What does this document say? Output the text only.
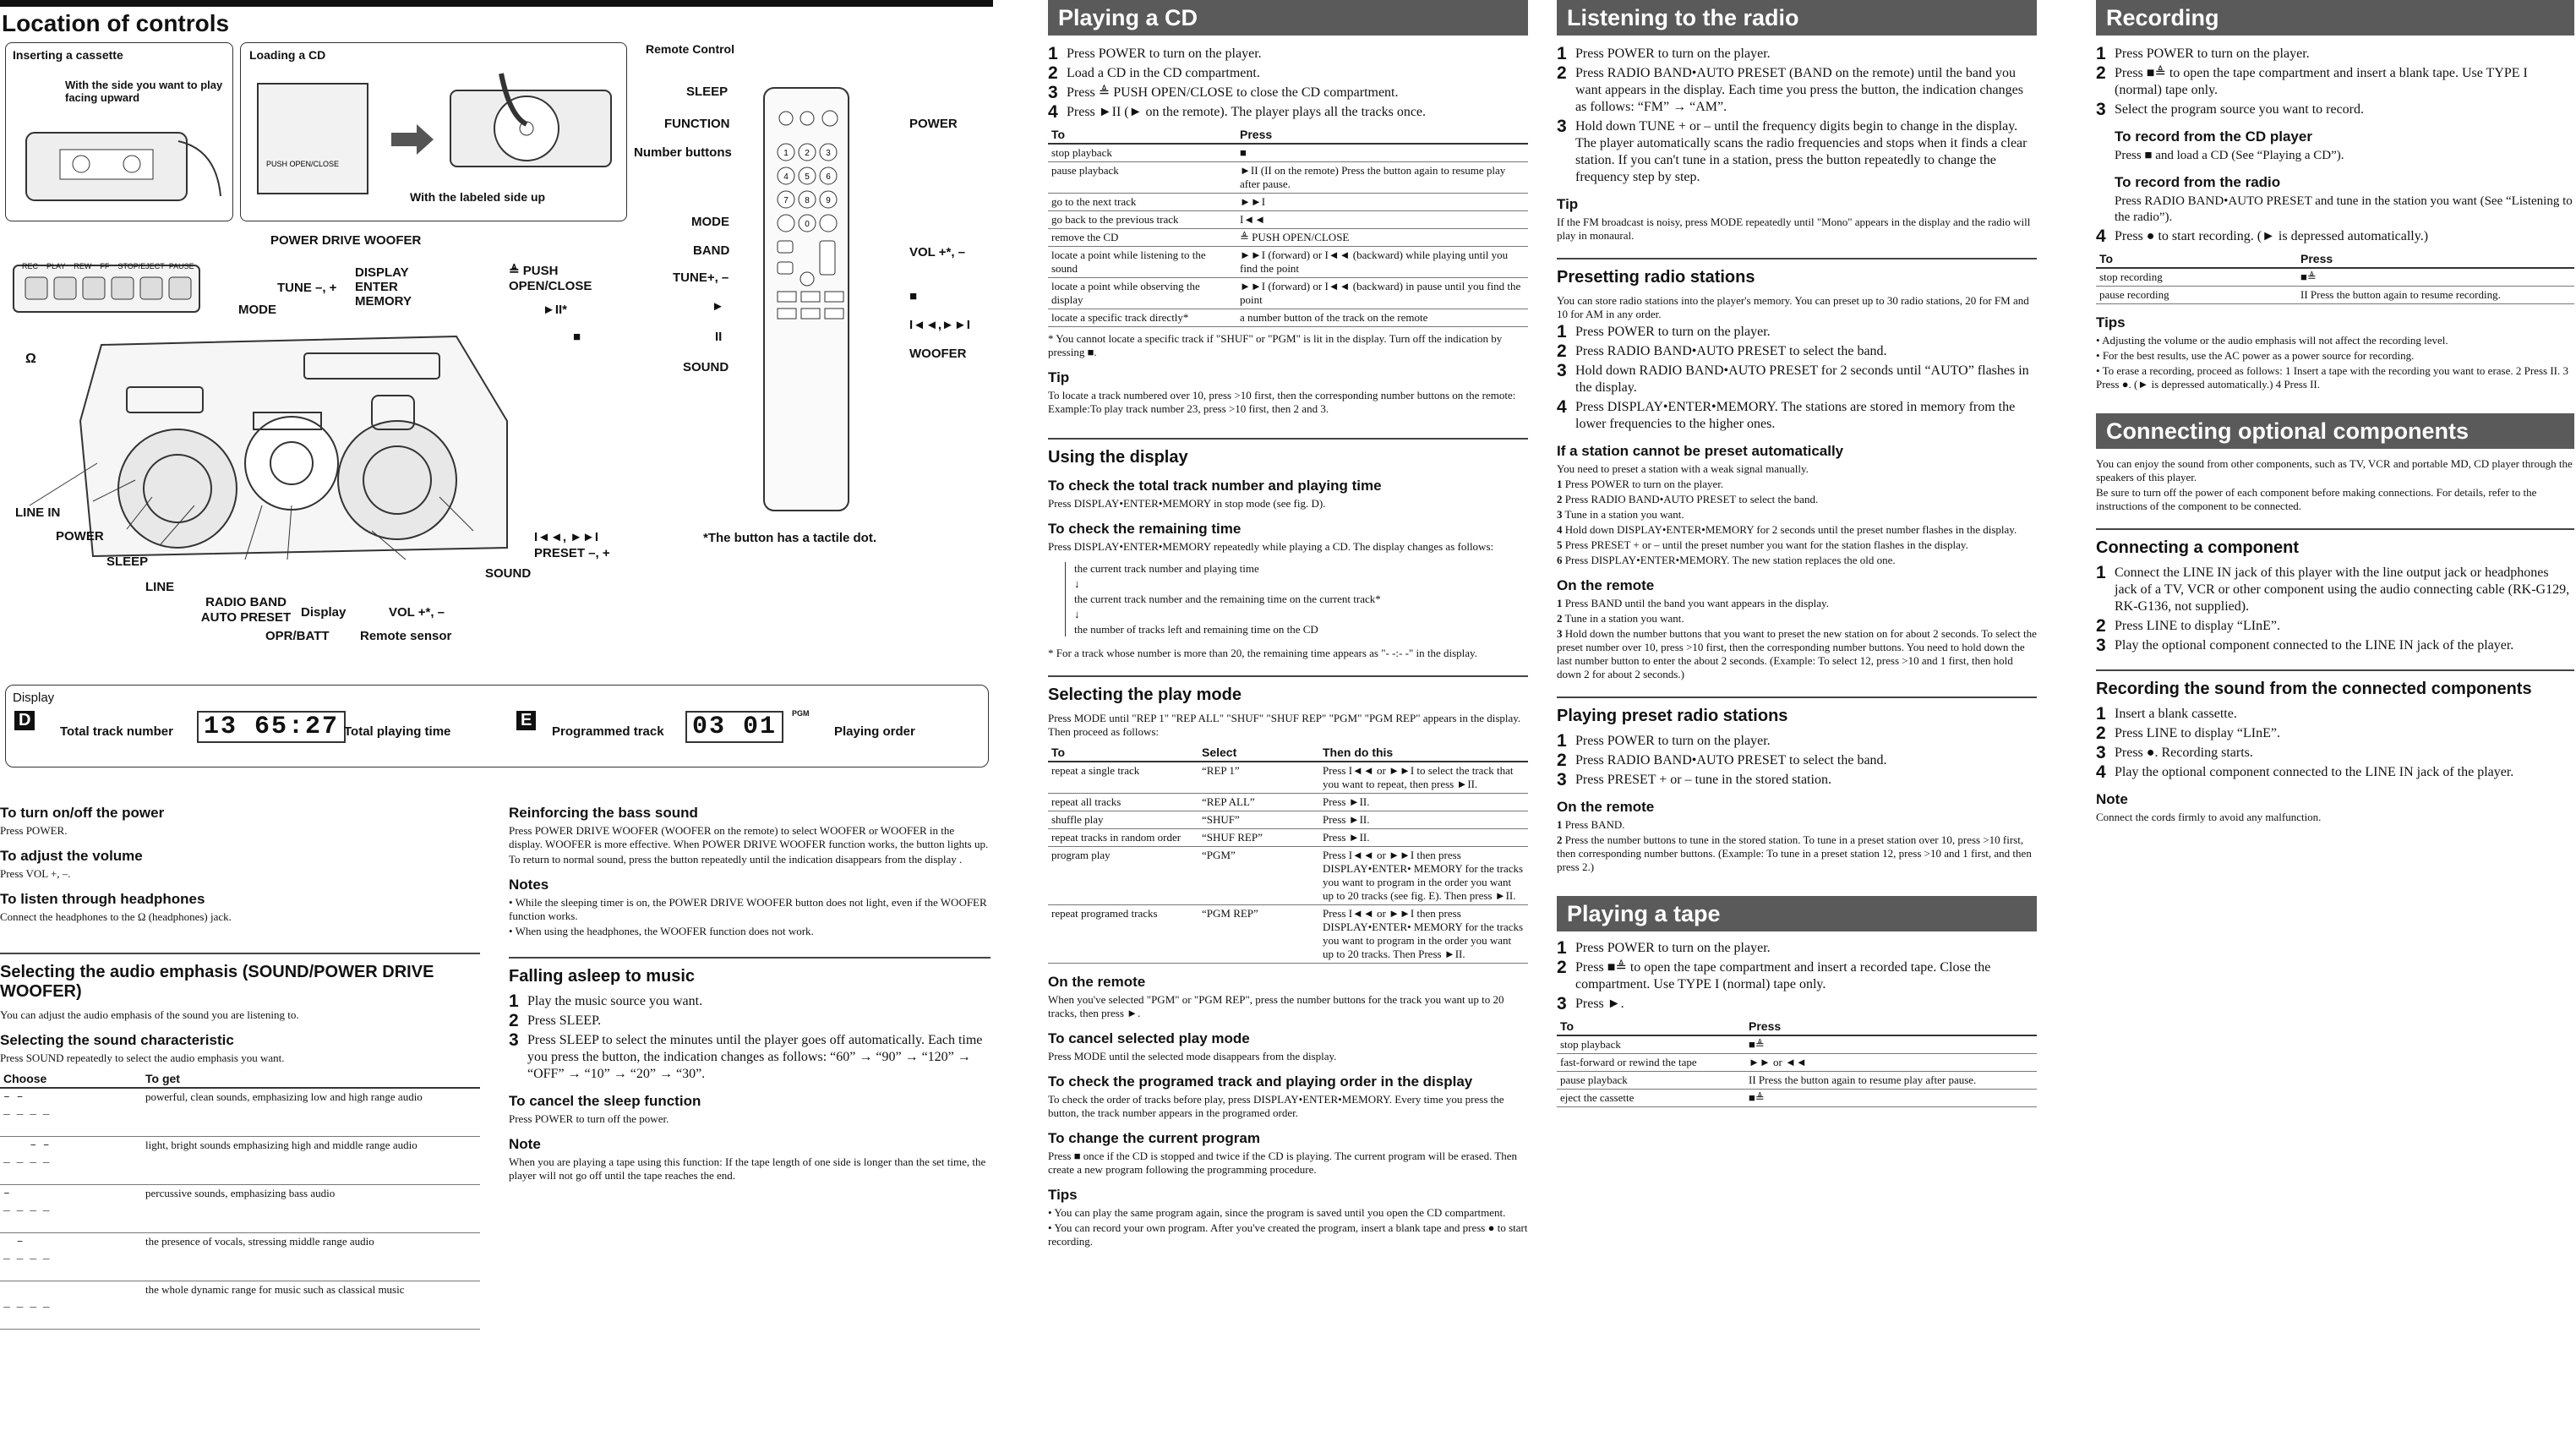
Location of controls
Inserting a cassette
With the side you want to play facing upward
Loading a CD
PUSH OPEN/CLOSE
With the labeled side up
REC PLAY REW FF STOP/EJECT PAUSE
Ω
POWER DRIVE WOOFER
TUNE –, +
DISPLAY ENTER MEMORY
MODE
≜ PUSH OPEN/CLOSE
►II*
■
LINE IN
POWER
SLEEP
LINE
RADIO BAND AUTO PRESET Display
OPR/BATT
VOL +*, –
Remote sensor
SOUND
I◄◄, ►►I PRESET –, +
Remote Control
1 2 3
4 5 6
7 8 9
0
SLEEP
FUNCTION
Number buttons
MODE
BAND
TUNE+, –
►
II
SOUND
POWER
VOL +*, –
■
I◄◄,►►I
WOOFER
*The button has a tactile dot.
Display
D
Total track number 13 65:27 Total playing time
E
Programmed track 03 01	PGM
Playing order
To turn on/off the power
Press POWER.
To adjust the volume
Press VOL +, –.
To listen through headphones
Connect the headphones to the Ω (headphones) jack.
Selecting the audio emphasis (SOUND/POWER DRIVE WOOFER)
You can adjust the audio emphasis of the sound you are listening to.
Selecting the sound characteristic
Press SOUND repeatedly to select the audio emphasis you want.
Choose	To get
– –
_ _ _ _	powerful, clean sounds, emphasizing low and high range audio
– –
_ _ _ _	light, bright sounds emphasizing high and middle range audio
–
_ _ _ _	percussive sounds, emphasizing bass audio
–
_ _ _ _	the presence of vocals, stressing middle range audio

_ _ _ _	the whole dynamic range for music such as classical music
Reinforcing the bass sound
Press POWER DRIVE WOOFER (WOOFER on the remote) to select WOOFER or WOOFER in the display. WOOFER is more effective. When POWER DRIVE WOOFER function works, the button lights up.
To return to normal sound, press the button repeatedly until the indication disappears from the display .
Notes
• While the sleeping timer is on, the POWER DRIVE WOOFER button does not light, even if the WOOFER function works.
• When using the headphones, the WOOFER function does not work.
Falling asleep to music
1 Play the music source you want.
2 Press SLEEP.
3 Press SLEEP to select the minutes until the player goes off automatically. Each time you press the button, the indication changes as follows: “60” → “90” → “120” → “OFF” → “10” → “20” → “30”.
To cancel the sleep function
Press POWER to turn off the power.
Note
When you are playing a tape using this function: If the tape length of one side is longer than the set time, the player will not go off until the tape reaches the end.
Playing a CD
1 Press POWER to turn on the player.
2 Load a CD in the CD compartment.
3 Press ≜ PUSH OPEN/CLOSE to close the CD compartment.
4 Press ►II (► on the remote). The player plays all the tracks once.
To	Press
stop playback	■
pause playback	►II (II on the remote) Press the button again to resume play after pause.
go to the next track	►►I
go back to the previous track	I◄◄
remove the CD	≜ PUSH OPEN/CLOSE
locate a point while listening to the sound	►►I (forward) or I◄◄ (backward) while playing until you find the point
locate a point while observing the display	►►I (forward) or I◄◄ (backward) in pause until you find the point
locate a specific track directly*	a number button of the track on the remote
* You cannot locate a specific track if "SHUF" or "PGM" is lit in the display. Turn off the indication by pressing ■.
Tip
To locate a track numbered over 10, press >10 first, then the corresponding number buttons on the remote: Example:To play track number 23, press >10 first, then 2 and 3.
Using the display
To check the total track number and playing time
Press DISPLAY•ENTER•MEMORY in stop mode (see fig. D).
To check the remaining time
Press DISPLAY•ENTER•MEMORY repeatedly while playing a CD. The display changes as follows:
the current track number and playing time
↓
the current track number and the remaining time on the current track*
↓
the number of tracks left and remaining time on the CD
* For a track whose number is more than 20, the remaining time appears as "- -:- -" in the display.
Selecting the play mode
Press MODE until "REP 1" "REP ALL" "SHUF" "SHUF REP" "PGM" "PGM REP" appears in the display. Then proceed as follows:
To	Select	Then do this
repeat a single track	“REP 1”	Press I◄◄ or ►►I to select the track that you want to repeat, then press ►II.
repeat all tracks	“REP ALL”	Press ►II.
shuffle play	“SHUF”	Press ►II.
repeat tracks in random order	“SHUF REP”	Press ►II.
program play	“PGM”	Press I◄◄ or ►►I then press DISPLAY•ENTER• MEMORY for the tracks you want to program in the order you want up to 20 tracks (see fig. E). Then press ►II.
repeat programed tracks	“PGM REP”	Press I◄◄ or ►►I then press DISPLAY•ENTER• MEMORY for the tracks you want to program in the order you want up to 20 tracks. Then Press ►II.
On the remote
When you've selected "PGM" or "PGM REP", press the number buttons for the track you want up to 20 tracks, then press ►.
To cancel selected play mode
Press MODE until the selected mode disappears from the display.
To check the programed track and playing order in the display
To check the order of tracks before play, press DISPLAY•ENTER•MEMORY. Every time you press the button, the track number appears in the programed order.
To change the current program
Press ■ once if the CD is stopped and twice if the CD is playing. The current program will be erased. Then create a new program following the programming procedure.
Tips
• You can play the same program again, since the program is saved until you open the CD compartment.
• You can record your own program. After you've created the program, insert a blank tape and press ● to start recording.
Listening to the radio
1 Press POWER to turn on the player.
2 Press RADIO BAND•AUTO PRESET (BAND on the remote) until the band you want appears in the display. Each time you press the button, the indication changes as follows: “FM” → “AM”.
3 Hold down TUNE + or – until the frequency digits begin to change in the display. The player automatically scans the radio frequencies and stops when it finds a clear station. If you can't tune in a station, press the button repeatedly to change the frequency step by step.
Tip
If the FM broadcast is noisy, press MODE repeatedly until "Mono" appears in the display and the radio will play in monaural.
Presetting radio stations
You can store radio stations into the player's memory. You can preset up to 30 radio stations, 20 for FM and 10 for AM in any order.
1 Press POWER to turn on the player.
2 Press RADIO BAND•AUTO PRESET to select the band.
3 Hold down RADIO BAND•AUTO PRESET for 2 seconds until “AUTO” flashes in the display.
4 Press DISPLAY•ENTER•MEMORY. The stations are stored in memory from the lower frequencies to the higher ones.
If a station cannot be preset automatically
You need to preset a station with a weak signal manually.
1 Press POWER to turn on the player.
2 Press RADIO BAND•AUTO PRESET to select the band.
3 Tune in a station you want.
4 Hold down DISPLAY•ENTER•MEMORY for 2 seconds until the preset number flashes in the display.
5 Press PRESET + or – until the preset number you want for the station flashes in the display.
6 Press DISPLAY•ENTER•MEMORY. The new station replaces the old one.
On the remote
1 Press BAND until the band you want appears in the display.
2 Tune in a station you want.
3 Hold down the number buttons that you want to preset the new station on for about 2 seconds. To select the preset number over 10, press >10 first, then the corresponding number buttons. You need to hold down the last number button to enter the about 2 seconds. (Example: To select 12, press >10 and 1 first, then hold down 2 for about 2 seconds.)
Playing preset radio stations
1 Press POWER to turn on the player.
2 Press RADIO BAND•AUTO PRESET to select the band.
3 Press PRESET + or – tune in the stored station.
On the remote
1 Press BAND.
2 Press the number buttons to tune in the stored station. To tune in a preset station over 10, press >10 first, then corresponding number buttons. (Example: To tune in a preset station 12, press >10 and 1 first, and then press 2.)
Playing a tape
1 Press POWER to turn on the player.
2 Press ■≜ to open the tape compartment and insert a recorded tape. Close the compartment. Use TYPE I (normal) tape only.
3 Press ►.
To	Press
stop playback	■≜
fast-forward or rewind the tape	►► or ◄◄
pause playback	II Press the button again to resume play after pause.
eject the cassette	■≜
Recording
1 Press POWER to turn on the player.
2 Press ■≜ to open the tape compartment and insert a blank tape. Use TYPE I (normal) tape only.
3 Select the program source you want to record.
To record from the CD player
Press ■ and load a CD (See “Playing a CD”).
To record from the radio
Press RADIO BAND•AUTO PRESET and tune in the station you want (See “Listening to the radio”).
4 Press ● to start recording. (► is depressed automatically.)
To	Press
stop recording	■≜
pause recording	II Press the button again to resume recording.
Tips
• Adjusting the volume or the audio emphasis will not affect the recording level.
• For the best results, use the AC power as a power source for recording.
• To erase a recording, proceed as follows: 1 Insert a tape with the recording you want to erase. 2 Press II. 3 Press ●. (► is depressed automatically.) 4 Press II.
Connecting optional components
You can enjoy the sound from other components, such as TV, VCR and portable MD, CD player through the speakers of this player.
Be sure to turn off the power of each component before making connections. For details, refer to the instructions of the component to be connected.
Connecting a component
1 Connect the LINE IN jack of this player with the line output jack or headphones jack of a TV, VCR or other component using the audio connecting cable (RK-G129, RK-G136, not supplied).
2 Press LINE to display “LInE”.
3 Play the optional component connected to the LINE IN jack of the player.
Recording the sound from the connected components
1 Insert a blank cassette.
2 Press LINE to display “LInE”.
3 Press ●. Recording starts.
4 Play the optional component connected to the LINE IN jack of the player.
Note
Connect the cords firmly to avoid any malfunction.
